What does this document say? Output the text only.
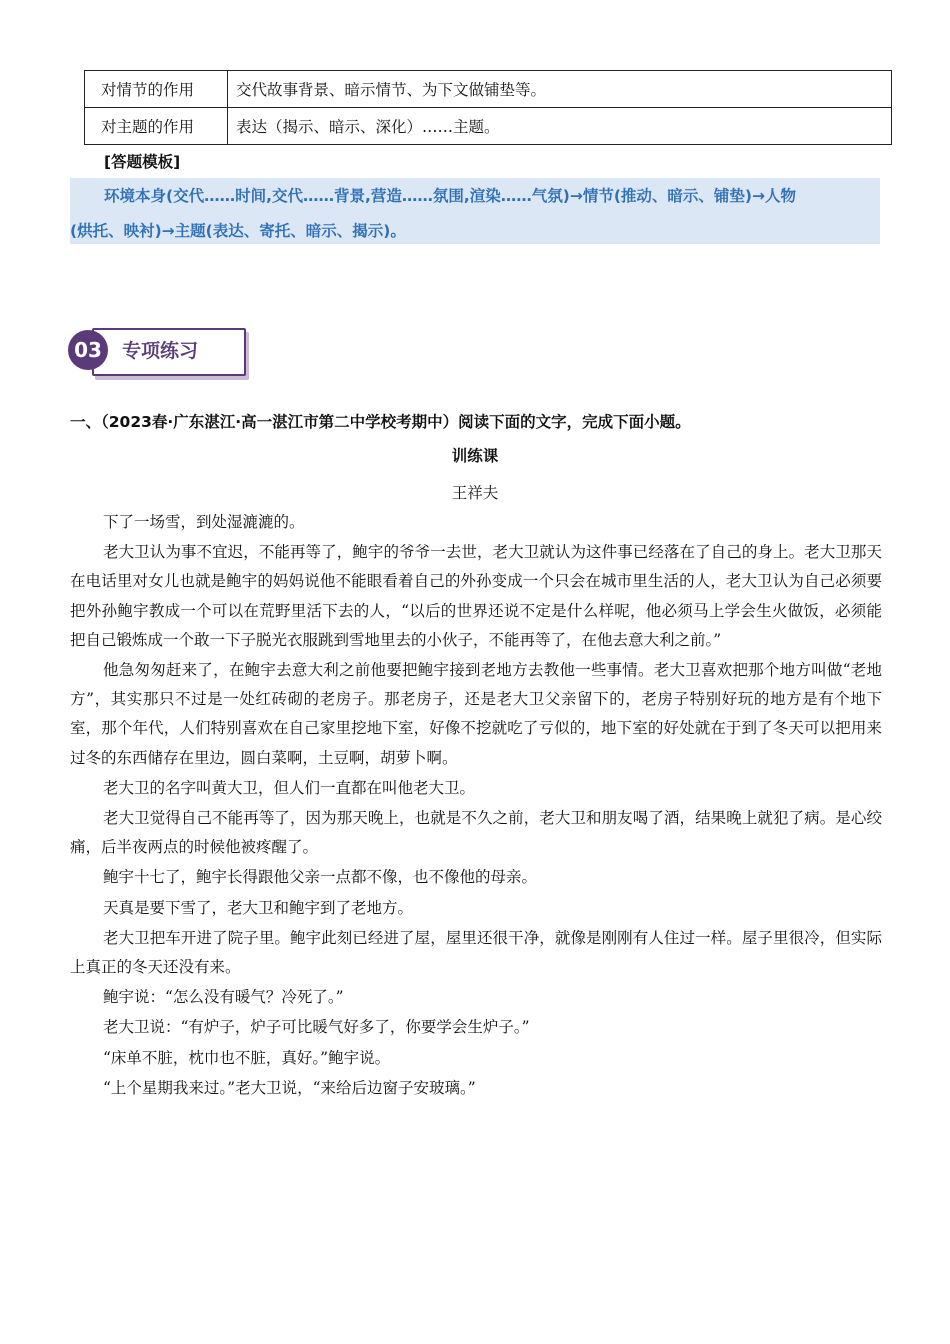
对情节的作用	交代故事背景、暗示情节、为下文做铺垫等。
对主题的作用	表达（揭示、暗示、深化）……主题。
[答题模板]
环境本身(交代……时间,交代……背景,营造……氛围,渲染……气氛)→情节(推动、暗示、铺垫)→人物
(烘托、映衬)→主题(表达、寄托、暗示、揭示)。
03	专项练习
一、（2023春·广东湛江·高一湛江市第二中学校考期中）阅读下面的文字，完成下面小题。
训练课
王祥夫

下了一场雪，到处湿漉漉的。

老大卫认为事不宜迟，不能再等了，鲍宇的爷爷一去世，老大卫就认为这件事已经落在了自己的身上。老大卫那天在电话里对女儿也就是鲍宇的妈妈说他不能眼看着自己的外孙变成一个只会在城市里生活的人，老大卫认为自己必须要把外孙鲍宇教成一个可以在荒野里活下去的人，“以后的世界还说不定是什么样呢，他必须马上学会生火做饭，必须能把自己锻炼成一个敢一下子脱光衣服跳到雪地里去的小伙子，不能再等了，在他去意大利之前。”

他急匆匆赶来了，在鲍宇去意大利之前他要把鲍宇接到老地方去教他一些事情。老大卫喜欢把那个地方叫做“老地方”，其实那只不过是一处红砖砌的老房子。那老房子，还是老大卫父亲留下的，老房子特别好玩的地方是有个地下室，那个年代，人们特别喜欢在自己家里挖地下室，好像不挖就吃了亏似的，地下室的好处就在于到了冬天可以把用来过冬的东西储存在里边，圆白菜啊，土豆啊，胡萝卜啊。

老大卫的名字叫黄大卫，但人们一直都在叫他老大卫。

老大卫觉得自己不能再等了，因为那天晚上，也就是不久之前，老大卫和朋友喝了酒，结果晚上就犯了病。是心绞痛，后半夜两点的时候他被疼醒了。

鲍宇十七了，鲍宇长得跟他父亲一点都不像，也不像他的母亲。

天真是要下雪了，老大卫和鲍宇到了老地方。

老大卫把车开进了院子里。鲍宇此刻已经进了屋，屋里还很干净，就像是刚刚有人住过一样。屋子里很冷，但实际上真正的冬天还没有来。

鲍宇说：“怎么没有暖气？冷死了。”

老大卫说：“有炉子，炉子可比暖气好多了，你要学会生炉子。”

“床单不脏，枕巾也不脏，真好。”鲍宇说。

“上个星期我来过。”老大卫说，“来给后边窗子安玻璃。”
